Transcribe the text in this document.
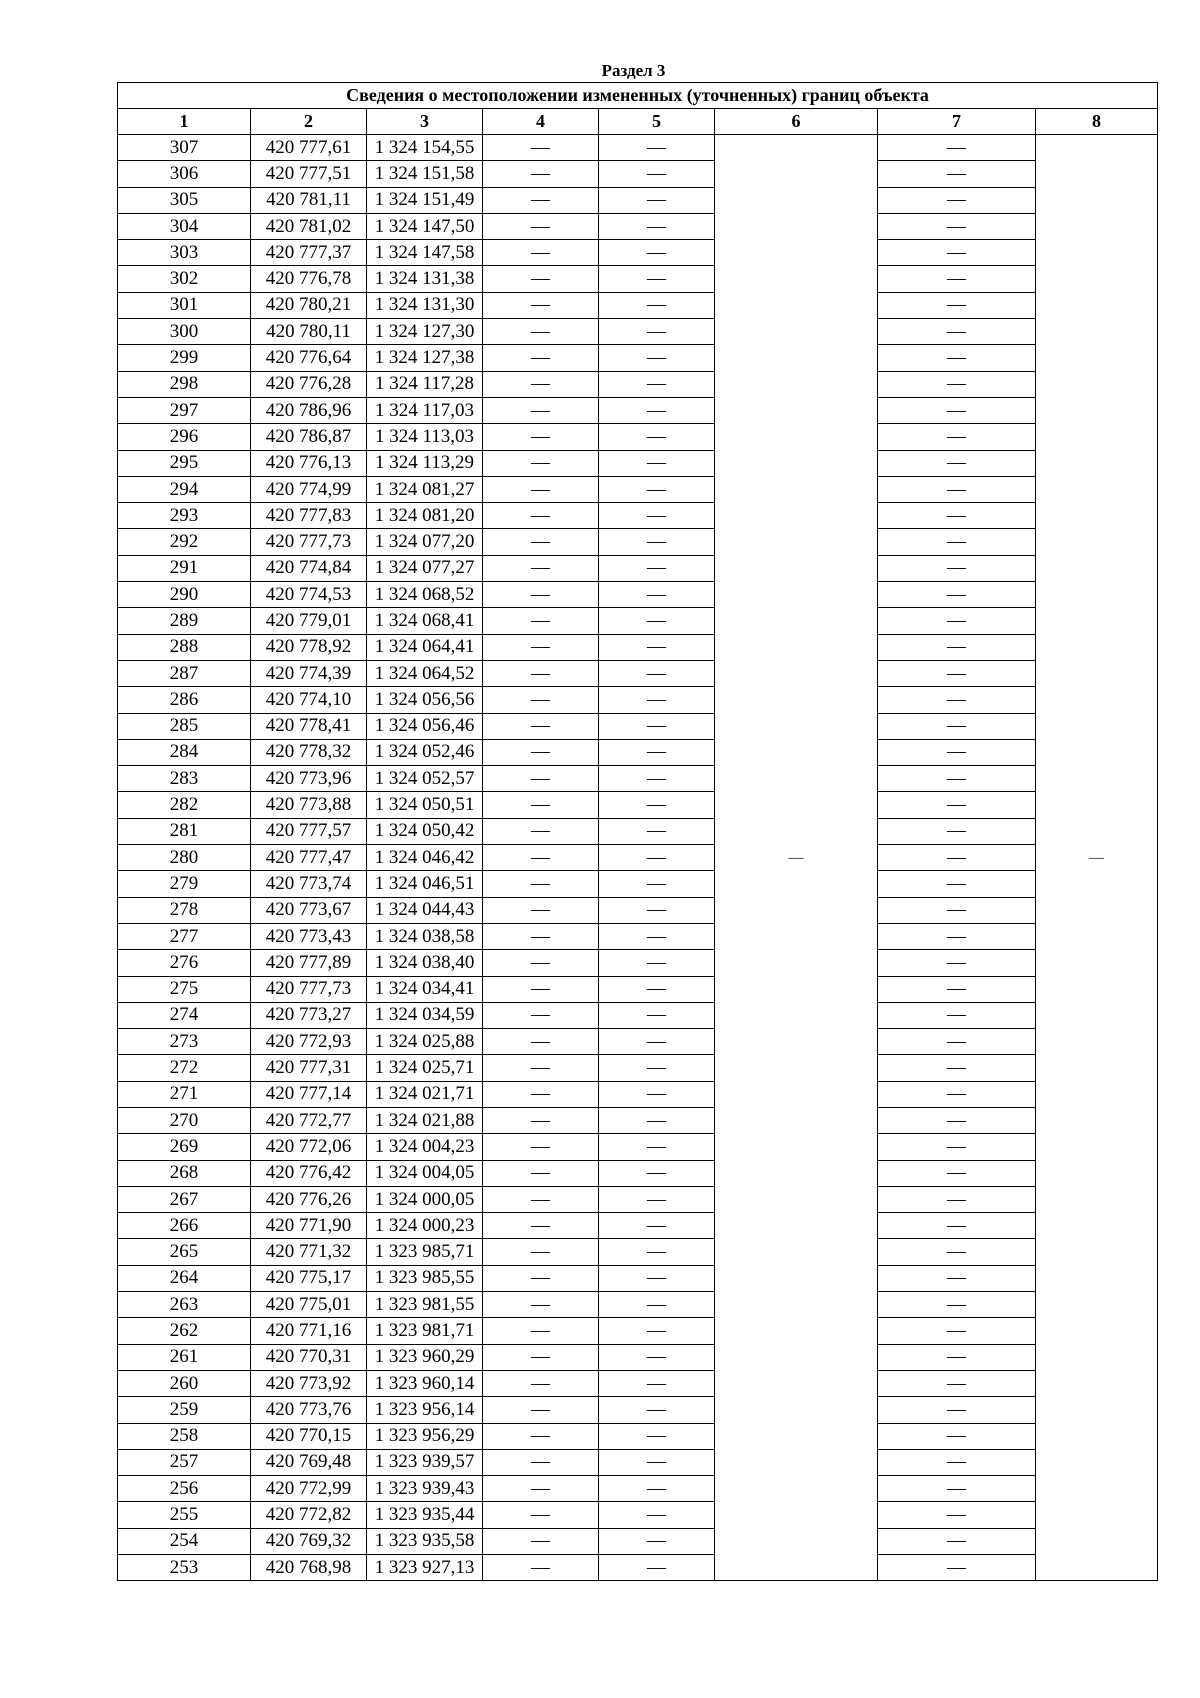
Раздел 3
Сведения о местоположении измененных (уточненных) границ объекта							
1	2	3	4	5	6	7	8
307	420 777,61	1 324 154,55	—	—	—	—	—

306	420 777,51	1 324 151,58	—	—		—	
305	420 781,11	1 324 151,49	—	—		—	
304	420 781,02	1 324 147,50	—	—		—	
303	420 777,37	1 324 147,58	—	—		—	
302	420 776,78	1 324 131,38	—	—		—	
301	420 780,21	1 324 131,30	—	—		—	
300	420 780,11	1 324 127,30	—	—		—	
299	420 776,64	1 324 127,38	—	—		—	
298	420 776,28	1 324 117,28	—	—		—	
297	420 786,96	1 324 117,03	—	—		—	
296	420 786,87	1 324 113,03	—	—		—	
295	420 776,13	1 324 113,29	—	—		—	
294	420 774,99	1 324 081,27	—	—		—	
293	420 777,83	1 324 081,20	—	—		—	
292	420 777,73	1 324 077,20	—	—		—	
291	420 774,84	1 324 077,27	—	—		—	
290	420 774,53	1 324 068,52	—	—		—	
289	420 779,01	1 324 068,41	—	—		—	
288	420 778,92	1 324 064,41	—	—		—	
287	420 774,39	1 324 064,52	—	—		—	
286	420 774,10	1 324 056,56	—	—		—	
285	420 778,41	1 324 056,46	—	—		—	
284	420 778,32	1 324 052,46	—	—		—	
283	420 773,96	1 324 052,57	—	—		—	
282	420 773,88	1 324 050,51	—	—		—	
281	420 777,57	1 324 050,42	—	—		—	
280	420 777,47	1 324 046,42	—	—		—	
279	420 773,74	1 324 046,51	—	—		—	
278	420 773,67	1 324 044,43	—	—		—	
277	420 773,43	1 324 038,58	—	—		—	
276	420 777,89	1 324 038,40	—	—		—	
275	420 777,73	1 324 034,41	—	—		—	
274	420 773,27	1 324 034,59	—	—		—	
273	420 772,93	1 324 025,88	—	—		—	
272	420 777,31	1 324 025,71	—	—		—	
271	420 777,14	1 324 021,71	—	—		—	
270	420 772,77	1 324 021,88	—	—		—	
269	420 772,06	1 324 004,23	—	—		—	
268	420 776,42	1 324 004,05	—	—		—	
267	420 776,26	1 324 000,05	—	—		—	
266	420 771,90	1 324 000,23	—	—		—	
265	420 771,32	1 323 985,71	—	—		—	
264	420 775,17	1 323 985,55	—	—		—	
263	420 775,01	1 323 981,55	—	—		—	
262	420 771,16	1 323 981,71	—	—		—	
261	420 770,31	1 323 960,29	—	—		—	
260	420 773,92	1 323 960,14	—	—		—	
259	420 773,76	1 323 956,14	—	—		—	
258	420 770,15	1 323 956,29	—	—		—	
257	420 769,48	1 323 939,57	—	—		—	
256	420 772,99	1 323 939,43	—	—		—	
255	420 772,82	1 323 935,44	—	—		—	
254	420 769,32	1 323 935,58	—	—		—	
253	420 768,98	1 323 927,13	—	—		—	
